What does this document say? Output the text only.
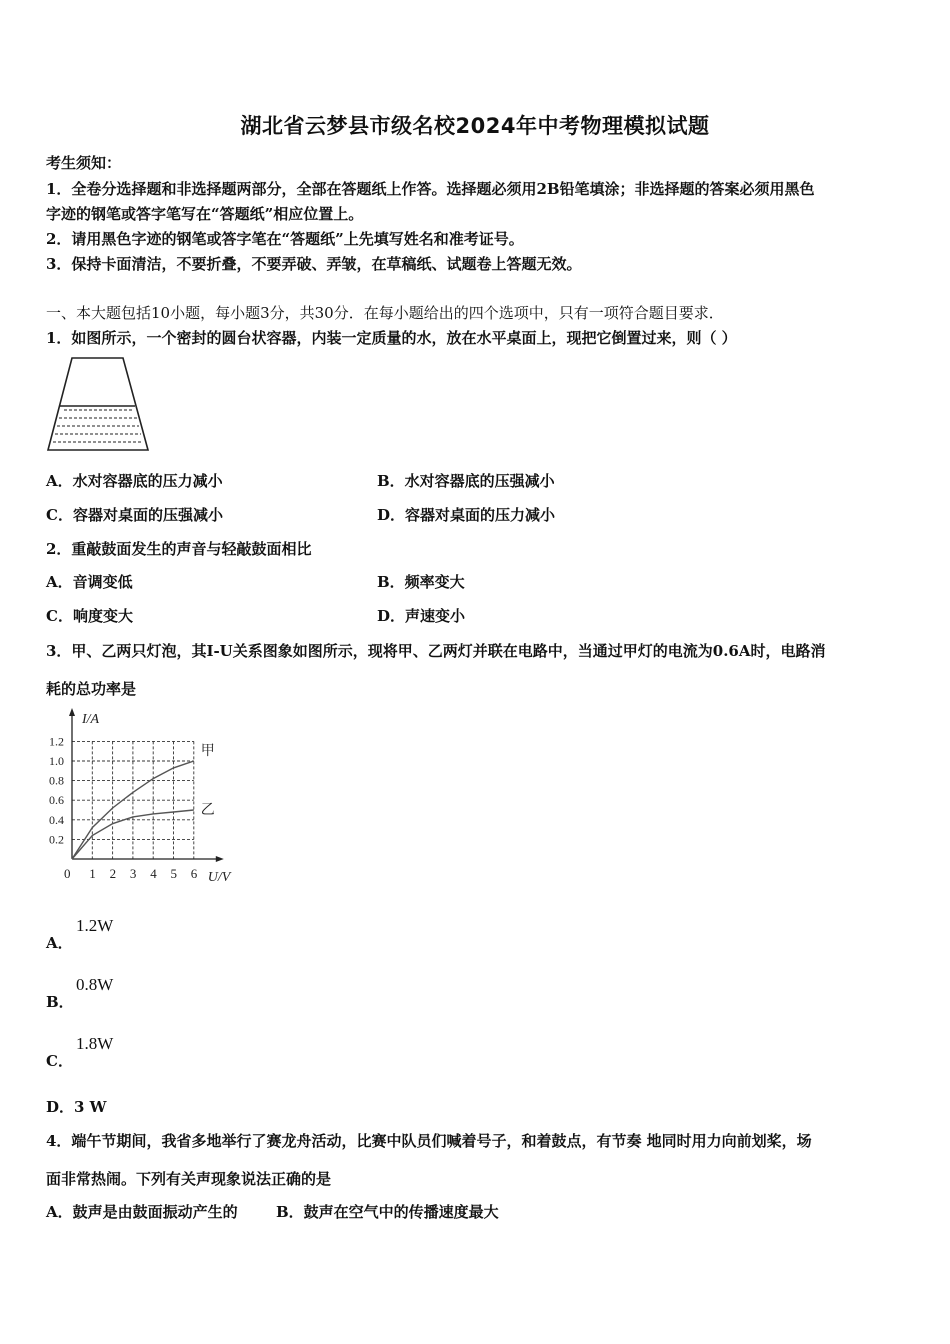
湖北省云梦县市级名校2024年中考物理模拟试题
考生须知：
1．全卷分选择题和非选择题两部分，全部在答题纸上作答。选择题必须用2B铅笔填涂；非选择题的答案必须用黑色
字迹的钢笔或答字笔写在“答题纸”相应位置上。
2．请用黑色字迹的钢笔或答字笔在“答题纸”上先填写姓名和准考证号。
3．保持卡面清洁，不要折叠，不要弄破、弄皱，在草稿纸、试题卷上答题无效。
一、本大题包括10小题，每小题3分，共30分．在每小题给出的四个选项中，只有一项符合题目要求．
1．如图所示，一个密封的圆台状容器，内装一定质量的水，放在水平桌面上，现把它倒置过来，则（ ）
A．水对容器底的压力减小	B．水对容器底的压强减小
C．容器对桌面的压强减小	D．容器对桌面的压力减小
2．重敲鼓面发生的声音与轻敲鼓面相比
A．音调变低	B．频率变大
C．响度变大	D．声速变小
3．甲、乙两只灯泡，其I-U关系图象如图所示，现将甲、乙两灯并联在电路中，当通过甲灯的电流为0.6A时，电路消
耗的总功率是
0 1 2 3 4 5 6
0.2
0.4
0.6
0.8
1.0
1.2
I/A
U/V
甲
乙
A．
1.2W
B．
0.8W
C．
1.8W
D．3 W
4．端午节期间，我省多地举行了赛龙舟活动，比赛中队员们喊着号子，和着鼓点，有节奏 地同时用力向前划桨，场
面非常热闹。下列有关声现象说法正确的是
A．鼓声是由鼓面振动产生的	B．鼓声在空气中的传播速度最大
